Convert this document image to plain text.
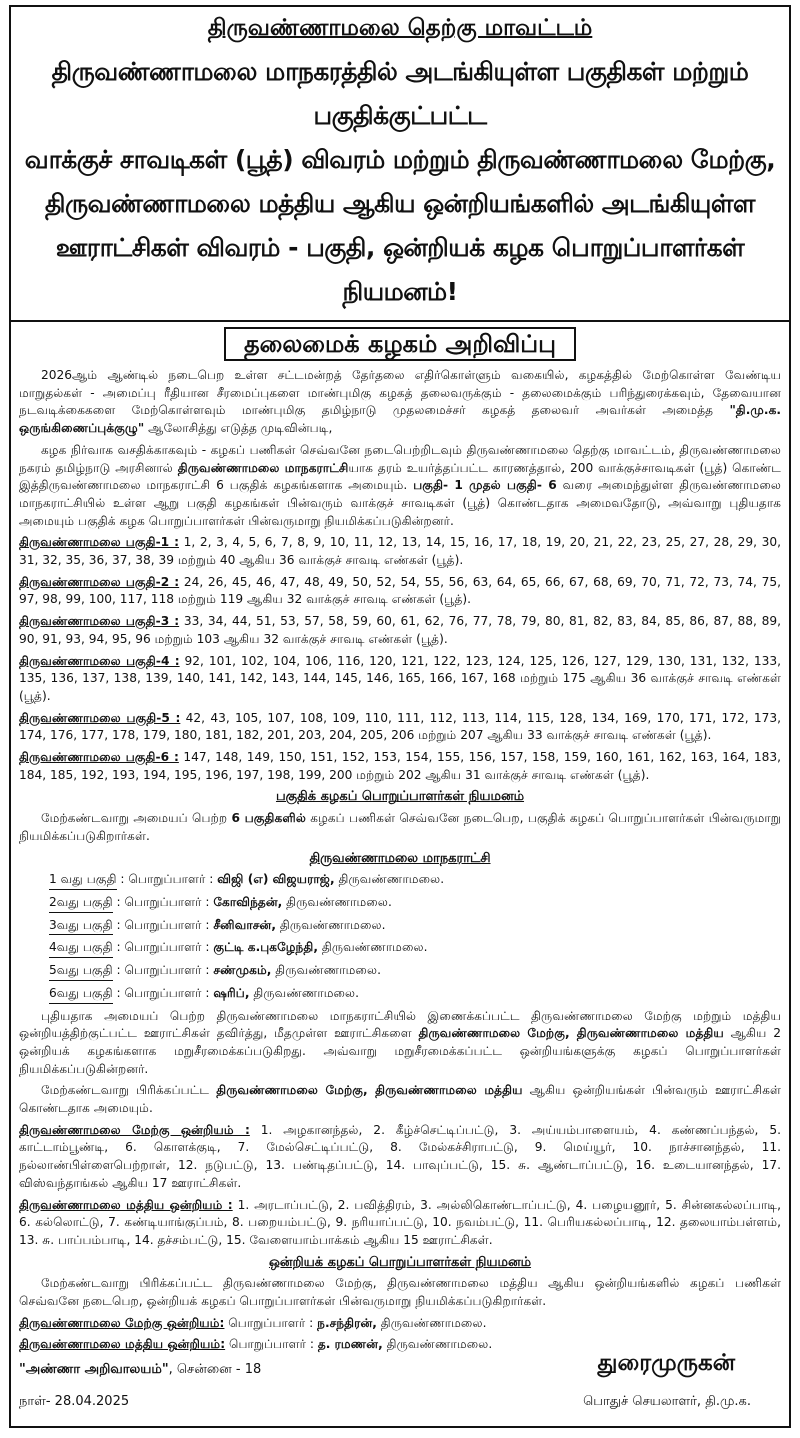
திருவண்ணாமலை தெற்கு மாவட்டம்
திருவண்ணாமலை மாநகரத்தில் அடங்கியுள்ள பகுதிகள் மற்றும் பகுதிக்குட்பட்ட
வாக்குச் சாவடிகள் (பூத்) விவரம் மற்றும் திருவண்ணாமலை மேற்கு,
திருவண்ணாமலை மத்திய ஆகிய ஒன்றியங்களில் அடங்கியுள்ள
ஊராட்சிகள் விவரம் - பகுதி, ஒன்றியக் கழக பொறுப்பாளர்கள் நியமனம்!
தலைமைக் கழகம் அறிவிப்பு

2026ஆம் ஆண்டில் நடைபெற உள்ள சட்டமன்றத் தேர்தலை எதிர்கொள்ளும் வகையில், கழகத்தில் மேற்கொள்ள வேண்டிய மாறுதல்கள் - அமைப்பு ரீதியான சீரமைப்புகளை மாண்புமிகு கழகத் தலைவருக்கும் - தலைமைக்கும் பரிந்துரைக்கவும், தேவையான நடவடிக்கைகளை மேற்கொள்ளவும் மாண்புமிகு தமிழ்நாடு முதலமைச்சர் கழகத் தலைவர் அவர்கள் அமைத்த "தி.மு.க. ஒருங்கிணைப்புக்குழு" ஆலோசித்து எடுத்த முடிவின்படி,

கழக நிர்வாக வசதிக்காகவும் - கழகப் பணிகள் செவ்வனே நடைபெற்றிடவும் திருவண்ணாமலை தெற்கு மாவட்டம், திருவண்ணாமலை நகரம் தமிழ்நாடு அரசினால் திருவண்ணாமலை மாநகராட்சியாக தரம் உயர்த்தப்பட்ட காரணத்தால், 200 வாக்குச்சாவடிகள் (பூத்) கொண்ட இத்திருவண்ணாமலை மாநகராட்சி 6 பகுதிக் கழகங்களாக அமையும். பகுதி- 1 முதல் பகுதி- 6 வரை அமைந்துள்ள திருவண்ணாமலை மாநகராட்சியில் உள்ள ஆறு பகுதி கழகங்கள் பின்வரும் வாக்குச் சாவடிகள் (பூத்) கொண்டதாக அமைவதோடு, அவ்வாறு புதியதாக அமையும் பகுதிக் கழக பொறுப்பாளர்கள் பின்வருமாறு நியமிக்கப்படுகின்றனர்.

திருவண்ணாமலை பகுதி-1 : 1, 2, 3, 4, 5, 6, 7, 8, 9, 10, 11, 12, 13, 14, 15, 16, 17, 18, 19, 20, 21, 22, 23, 25, 27, 28, 29, 30, 31, 32, 35, 36, 37, 38, 39 மற்றும் 40 ஆகிய 36 வாக்குச் சாவடி எண்கள் (பூத்).
திருவண்ணாமலை பகுதி-2 : 24, 26, 45, 46, 47, 48, 49, 50, 52, 54, 55, 56, 63, 64, 65, 66, 67, 68, 69, 70, 71, 72, 73, 74, 75, 97, 98, 99, 100, 117, 118 மற்றும் 119 ஆகிய 32 வாக்குச் சாவடி எண்கள் (பூத்).
திருவண்ணாமலை பகுதி-3 : 33, 34, 44, 51, 53, 57, 58, 59, 60, 61, 62, 76, 77, 78, 79, 80, 81, 82, 83, 84, 85, 86, 87, 88, 89, 90, 91, 93, 94, 95, 96 மற்றும் 103 ஆகிய 32 வாக்குச் சாவடி எண்கள் (பூத்).
திருவண்ணாமலை பகுதி-4 : 92, 101, 102, 104, 106, 116, 120, 121, 122, 123, 124, 125, 126, 127, 129, 130, 131, 132, 133, 135, 136, 137, 138, 139, 140, 141, 142, 143, 144, 145, 146, 165, 166, 167, 168 மற்றும் 175 ஆகிய 36 வாக்குச் சாவடி எண்கள் (பூத்).
திருவண்ணாமலை பகுதி-5 : 42, 43, 105, 107, 108, 109, 110, 111, 112, 113, 114, 115, 128, 134, 169, 170, 171, 172, 173, 174, 176, 177, 178, 179, 180, 181, 182, 201, 203, 204, 205, 206 மற்றும் 207 ஆகிய 33 வாக்குச் சாவடி எண்கள் (பூத்).
திருவண்ணாமலை பகுதி-6 : 147, 148, 149, 150, 151, 152, 153, 154, 155, 156, 157, 158, 159, 160, 161, 162, 163, 164, 183, 184, 185, 192, 193, 194, 195, 196, 197, 198, 199, 200 மற்றும் 202 ஆகிய 31 வாக்குச் சாவடி எண்கள் (பூத்).
பகுதிக் கழகப் பொறுப்பாளர்கள் நியமனம்

மேற்கண்டவாறு அமையப் பெற்ற 6 பகுதிகளில் கழகப் பணிகள் செவ்வனே நடைபெற, பகுதிக் கழகப் பொறுப்பாளர்கள் பின்வருமாறு நியமிக்கப்படுகிறார்கள்.

திருவண்ணாமலை மாநகராட்சி
1 வது பகுதி : பொறுப்பாளர் : விஜி (எ) விஜயராஜ், திருவண்ணாமலை.
2வது பகுதி : பொறுப்பாளர் : கோவிந்தன், திருவண்ணாமலை.
3வது பகுதி : பொறுப்பாளர் : சீனிவாசன், திருவண்ணாமலை.
4வது பகுதி : பொறுப்பாளர் : குட்டி க.புகழேந்தி, திருவண்ணாமலை.
5வது பகுதி : பொறுப்பாளர் : சண்முகம், திருவண்ணாமலை.
6வது பகுதி : பொறுப்பாளர் : ஷரிப், திருவண்ணாமலை.

புதியதாக அமையப் பெற்ற திருவண்ணாமலை மாநகராட்சியில் இணைக்கப்பட்ட திருவண்ணாமலை மேற்கு மற்றும் மத்திய ஒன்றியத்திற்குட்பட்ட ஊராட்சிகள் தவிர்த்து, மீதமுள்ள ஊராட்சிகளை திருவண்ணாமலை மேற்கு, திருவண்ணாமலை மத்திய ஆகிய 2 ஒன்றியக் கழகங்களாக மறுசீரமைக்கப்படுகிறது. அவ்வாறு மறுசீரமைக்கப்பட்ட ஒன்றியங்களுக்கு கழகப் பொறுப்பாளர்கள் நியமிக்கப்படுகின்றனர்.

மேற்கண்டவாறு பிரிக்கப்பட்ட திருவண்ணாமலை மேற்கு, திருவண்ணாமலை மத்திய ஆகிய ஒன்றியங்கள் பின்வரும் ஊராட்சிகள் கொண்டதாக அமையும்.

திருவண்ணாமலை மேற்கு ஒன்றியம் : 1. அழகானந்தல், 2. கீழ்ச்செட்டிப்பட்டு, 3. அய்யம்பாளையம், 4. கண்ணப்பந்தல், 5. காட்டாம்பூண்டி, 6. கொளக்குடி, 7. மேல்செட்டிப்பட்டு, 8. மேல்கச்சிராபட்டு, 9. மெய்யூர், 10. நாச்சானந்தல், 11. நல்லாண்பிள்ளைபெற்றாள், 12. நடுபட்டு, 13. பண்டிதப்பட்டு, 14. பாவுப்பட்டு, 15. சு. ஆண்டாப்பட்டு, 16. உடையானந்தல், 17. விஸ்வந்தாங்கல் ஆகிய 17 ஊராட்சிகள்.
திருவண்ணாமலை மத்திய ஒன்றியம் : 1. அரடாப்பட்டு, 2. பவித்திரம், 3. அல்லிகொண்டாப்பட்டு, 4. பழையனூர், 5. சின்னகல்லப்பாடி, 6. கல்லொட்டு, 7. கண்டியாங்குப்பம், 8. பறையம்பட்டு, 9. நரியாப்பட்டு, 10. நவம்பட்டு, 11. பெரியகல்லப்பாடி, 12. தலையாம்பள்ளம், 13. சு. பாப்பம்பாடி, 14. தச்சம்பட்டு, 15. வேளையாம்பாக்கம் ஆகிய 15 ஊராட்சிகள்.
ஒன்றியக் கழகப் பொறுப்பாளர்கள் நியமனம்

மேற்கண்டவாறு பிரிக்கப்பட்ட திருவண்ணாமலை மேற்கு, திருவண்ணாமலை மத்திய ஆகிய ஒன்றியங்களில் கழகப் பணிகள் செவ்வனே நடைபெற, ஒன்றியக் கழகப் பொறுப்பாளர்கள் பின்வருமாறு நியமிக்கப்படுகிறார்கள்.

திருவண்ணாமலை மேற்கு ஒன்றியம்: பொறுப்பாளர் : ந.சந்திரன், திருவண்ணாமலை.
திருவண்ணாமலை மத்திய ஒன்றியம்: பொறுப்பாளர் : த. ரமணன், திருவண்ணாமலை.
"அண்ணா அறிவாலயம்", சென்னை - 18
நாள்- 28.04.2025
துரைமுருகன்
பொதுச் செயலாளர், தி.மு.க.
